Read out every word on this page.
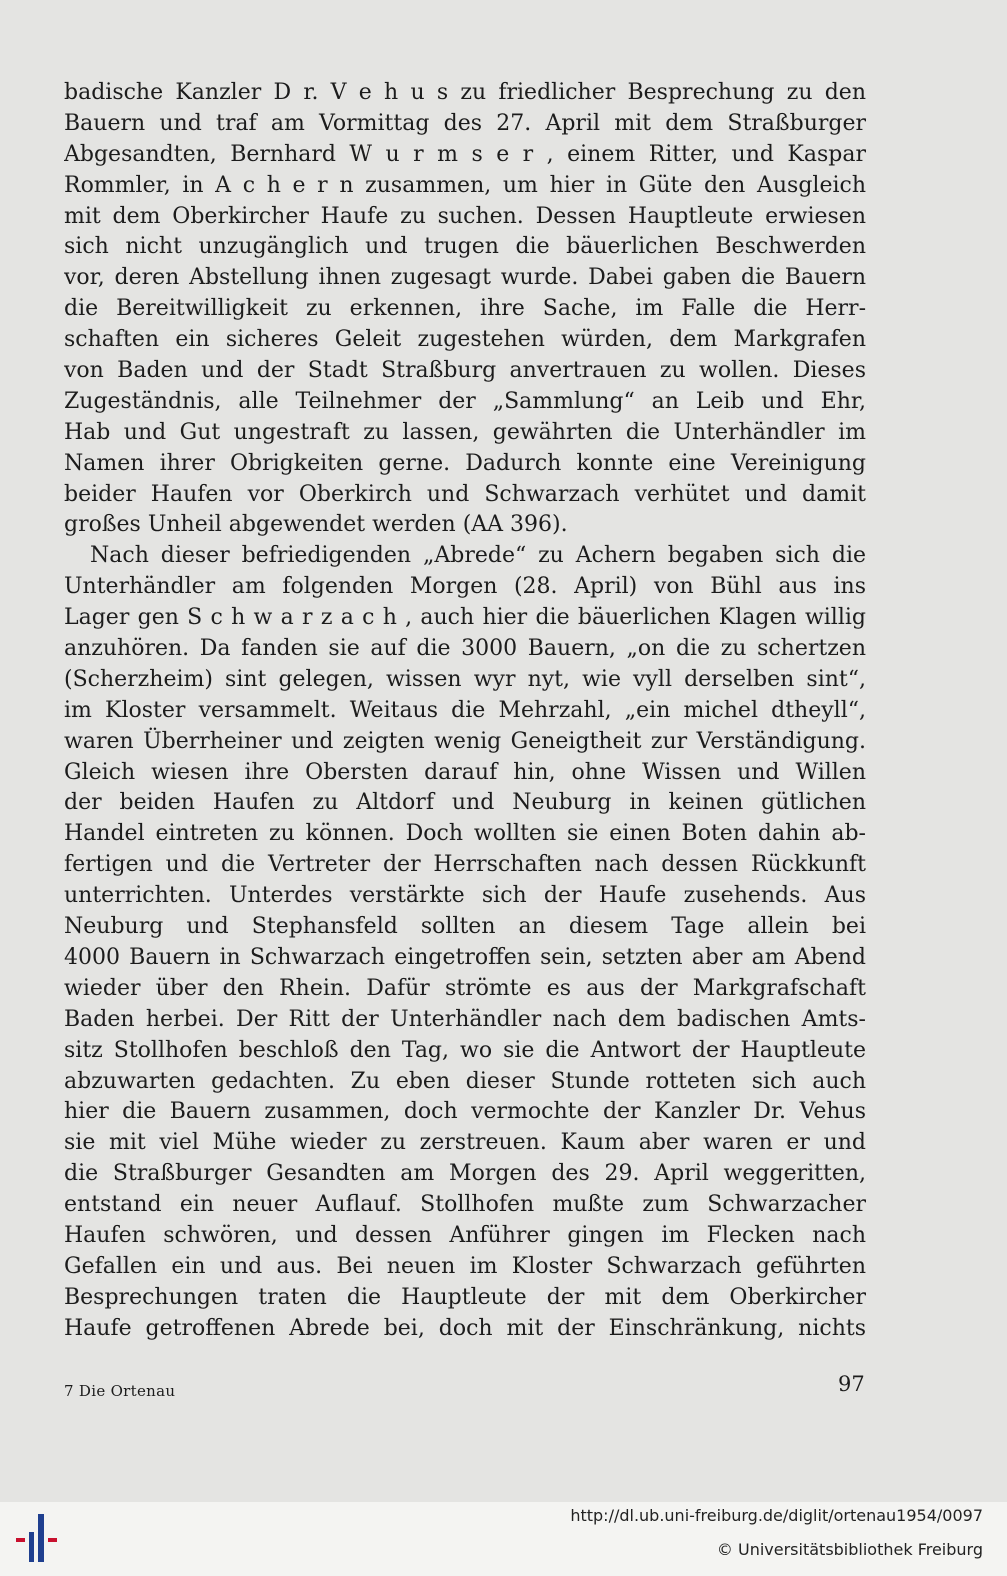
badische Kanzler D r. V e h u s zu friedlicher Besprechung zu den
Bauern und traf am Vormittag des 27. April mit dem Straßburger
Abgesandten, Bernhard W u r m s e r , einem Ritter, und Kaspar
Rommler, in A c h e r n zusammen, um hier in Güte den Ausgleich
mit dem Oberkircher Haufe zu suchen. Dessen Hauptleute erwiesen
sich nicht unzugänglich und trugen die bäuerlichen Beschwerden
vor, deren Abstellung ihnen zugesagt wurde. Dabei gaben die Bauern
die Bereitwilligkeit zu erkennen, ihre Sache, im Falle die Herr-
schaften ein sicheres Geleit zugestehen würden, dem Markgrafen
von Baden und der Stadt Straßburg anvertrauen zu wollen. Dieses
Zugeständnis, alle Teilnehmer der „Sammlung“ an Leib und Ehr,
Hab und Gut ungestraft zu lassen, gewährten die Unterhändler im
Namen ihrer Obrigkeiten gerne. Dadurch konnte eine Vereinigung
beider Haufen vor Oberkirch und Schwarzach verhütet und damit
großes Unheil abgewendet werden (AA 396).
Nach dieser befriedigenden „Abrede“ zu Achern begaben sich die
Unterhändler am folgenden Morgen (28. April) von Bühl aus ins
Lager gen S c h w a r z a c h , auch hier die bäuerlichen Klagen willig
anzuhören. Da fanden sie auf die 3000 Bauern, „on die zu schertzen
(Scherzheim) sint gelegen, wissen wyr nyt, wie vyll derselben sint“,
im Kloster versammelt. Weitaus die Mehrzahl, „ein michel dtheyll“,
waren Überrheiner und zeigten wenig Geneigtheit zur Verständigung.
Gleich wiesen ihre Obersten darauf hin, ohne Wissen und Willen
der beiden Haufen zu Altdorf und Neuburg in keinen gütlichen
Handel eintreten zu können. Doch wollten sie einen Boten dahin ab-
fertigen und die Vertreter der Herrschaften nach dessen Rückkunft
unterrichten. Unterdes verstärkte sich der Haufe zusehends. Aus
Neuburg und Stephansfeld sollten an diesem Tage allein bei
4000 Bauern in Schwarzach eingetroffen sein, setzten aber am Abend
wieder über den Rhein. Dafür strömte es aus der Markgrafschaft
Baden herbei. Der Ritt der Unterhändler nach dem badischen Amts-
sitz Stollhofen beschloß den Tag, wo sie die Antwort der Hauptleute
abzuwarten gedachten. Zu eben dieser Stunde rotteten sich auch
hier die Bauern zusammen, doch vermochte der Kanzler Dr. Vehus
sie mit viel Mühe wieder zu zerstreuen. Kaum aber waren er und
die Straßburger Gesandten am Morgen des 29. April weggeritten,
entstand ein neuer Auflauf. Stollhofen mußte zum Schwarzacher
Haufen schwören, und dessen Anführer gingen im Flecken nach
Gefallen ein und aus. Bei neuen im Kloster Schwarzach geführten
Besprechungen traten die Hauptleute der mit dem Oberkircher
Haufe getroffenen Abrede bei, doch mit der Einschränkung, nichts
7 Die Ortenau	97
http://dl.ub.uni-freiburg.de/diglit/ortenau1954/0097
© Universitätsbibliothek Freiburg
